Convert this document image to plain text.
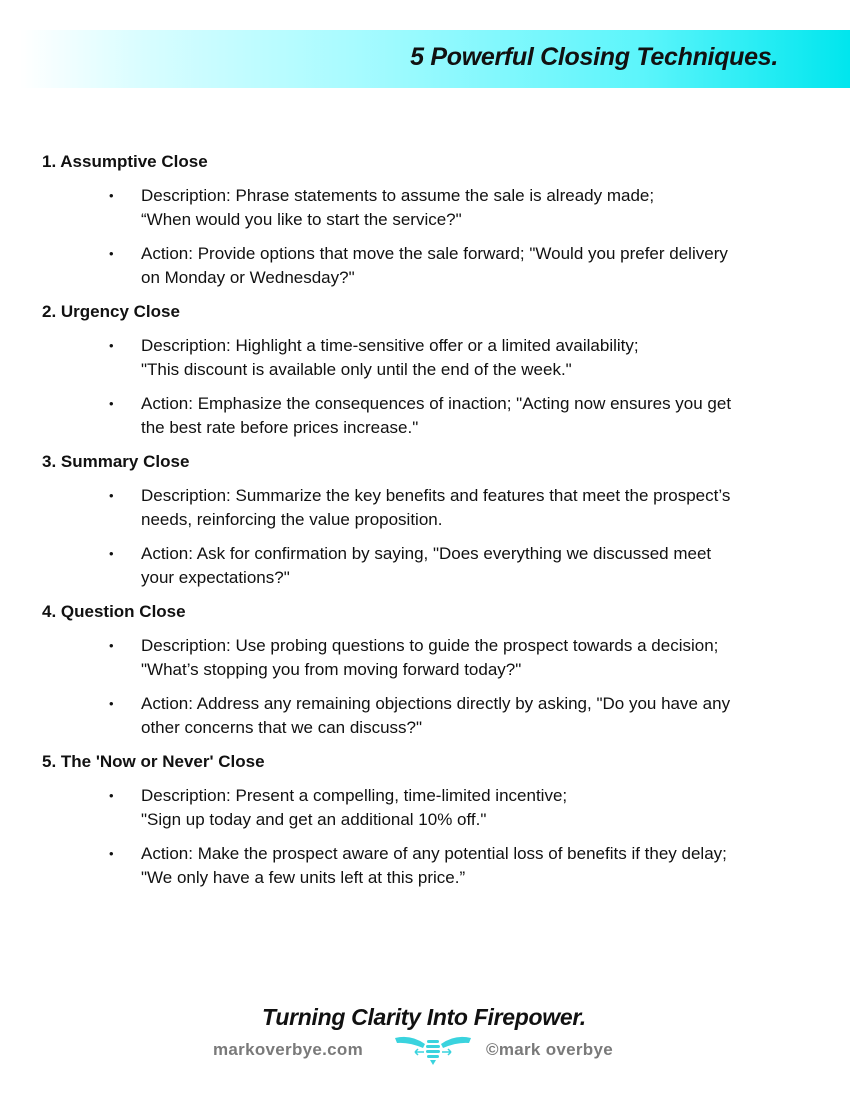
5 Powerful Closing Techniques.
1. Assumptive Close
• Description: Phrase statements to assume the sale is already made;
“When would you like to start the service?"
• Action: Provide options that move the sale forward; "Would you prefer delivery
on Monday or Wednesday?"
2. Urgency Close
• Description: Highlight a time-sensitive offer or a limited availability;
"This discount is available only until the end of the week."
• Action: Emphasize the consequences of inaction; "Acting now ensures you get
the best rate before prices increase."
3. Summary Close
• Description: Summarize the key benefits and features that meet the prospect’s
needs, reinforcing the value proposition.
• Action: Ask for confirmation by saying, "Does everything we discussed meet
your expectations?"
4. Question Close
• Description: Use probing questions to guide the prospect towards a decision;
"What’s stopping you from moving forward today?"
• Action: Address any remaining objections directly by asking, "Do you have any
other concerns that we can discuss?"
5. The 'Now or Never' Close
• Description: Present a compelling, time-limited incentive;
"Sign up today and get an additional 10% off."
• Action: Make the prospect aware of any potential loss of benefits if they delay;
"We only have a few units left at this price.”
Turning Clarity Into Firepower.
markoverbye.com	©mark overbye
